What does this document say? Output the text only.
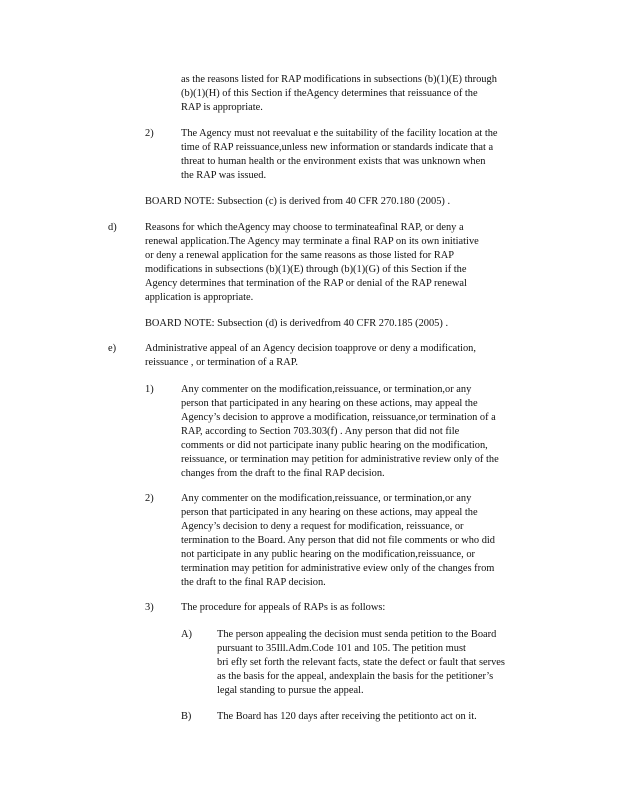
as the reasons listed for RAP modifications in subsections (b)(1)(E) through
(b)(1)(H) of this Section if theAgency determines that reissuance of the
RAP is appropriate.
2)	The Agency must not reevaluat e the suitability of the facility location at the
time of RAP reissuance,unless new information or standards indicate that a
threat to human health or the environment exists that was unknown when
the RAP was issued.
BOARD NOTE: Subsection (c) is derived from 40 CFR 270.180 (2005) .
d)	Reasons for which theAgency may choose to terminateafinal RAP, or deny a
renewal application.The Agency may terminate a final RAP on its own initiative
or deny a renewal application for the same reasons as those listed for RAP
modifications in subsections (b)(1)(E) through (b)(1)(G) of this Section if the
Agency determines that termination of the RAP or denial of the RAP renewal
application is appropriate.
BOARD NOTE: Subsection (d) is derivedfrom 40 CFR 270.185 (2005) .
e)	Administrative appeal of an Agency decision toapprove or deny a modification,
reissuance , or termination of a RAP.
1)	Any commenter on the modification,reissuance, or termination,or any
person that participated in any hearing on these actions, may appeal the
Agency’s decision to approve a modification, reissuance,or termination of a
RAP, according to Section 703.303(f) . Any person that did not file
comments or did not participate inany public hearing on the modification,
reissuance, or termination may petition for administrative review only of the
changes from the draft to the final RAP decision.
2)	Any commenter on the modification,reissuance, or termination,or any
person that participated in any hearing on these actions, may appeal the
Agency’s decision to deny a request for modification, reissuance, or
termination to the Board. Any person that did not file comments or who did
not participate in any public hearing on the modification,reissuance, or
termination may petition for administrative eview only of the changes from
the draft to the final RAP decision.
3)	The procedure for appeals of RAPs is as follows:
A) The person appealing the decision must senda petition to the Board
pursuant to 35Ill.Adm.Code 101 and 105. The petition must
bri efly set forth the relevant facts, state the defect or fault that serves
as the basis for the appeal, andexplain the basis for the petitioner’s
legal standing to pursue the appeal.
B) The Board has 120 days after receiving the petitionto act on it.
